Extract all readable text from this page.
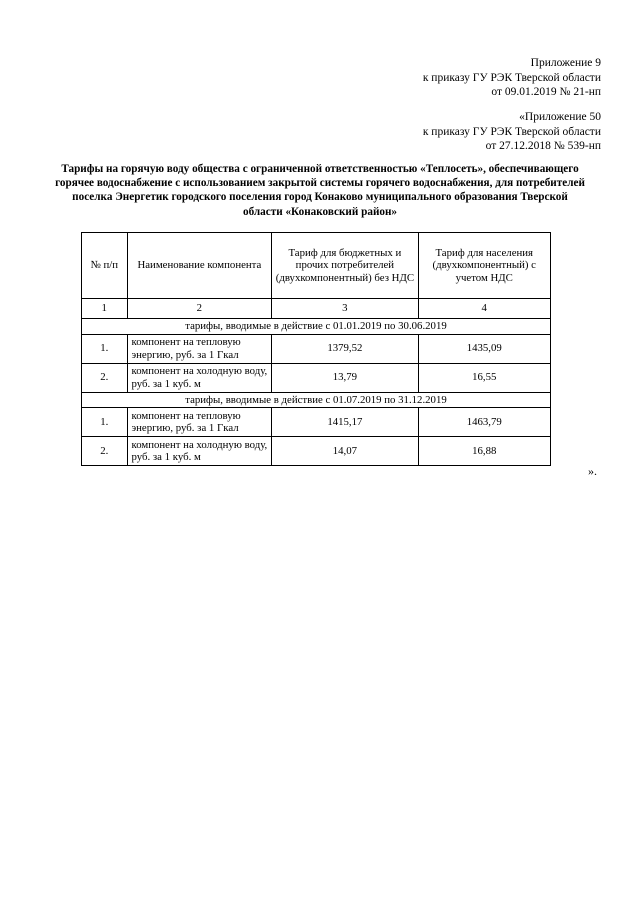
Приложение 9
к приказу ГУ РЭК Тверской области
от 09.01.2019 № 21-нп
«Приложение 50
к приказу ГУ РЭК Тверской области
от 27.12.2018 № 539-нп
Тарифы на горячую воду общества с ограниченной ответственностью «Теплосеть», обеспечивающего
горячее водоснабжение с использованием закрытой системы горячего водоснабжения, для потребителей
поселка Энергетик городского поселения город Конаково муниципального образования Тверской
области «Конаковский район»
№ п/п	Наименование компонента	Тариф для бюджетных и прочих потребителей (двухкомпонентный) без НДС	Тариф для населения (двухкомпонентный) с учетом НДС
1	2	3	4
тарифы, вводимые в действие с 01.01.2019 по 30.06.2019			
1.	компонент на тепловую энергию, руб. за 1 Гкал	1379,52	1435,09
2.	компонент на холодную воду, руб. за 1 куб. м	13,79	16,55
тарифы, вводимые в действие с 01.07.2019 по 31.12.2019			
1.	компонент на тепловую энергию, руб. за 1 Гкал	1415,17	1463,79
2.	компонент на холодную воду, руб. за 1 куб. м	14,07	16,88
».
